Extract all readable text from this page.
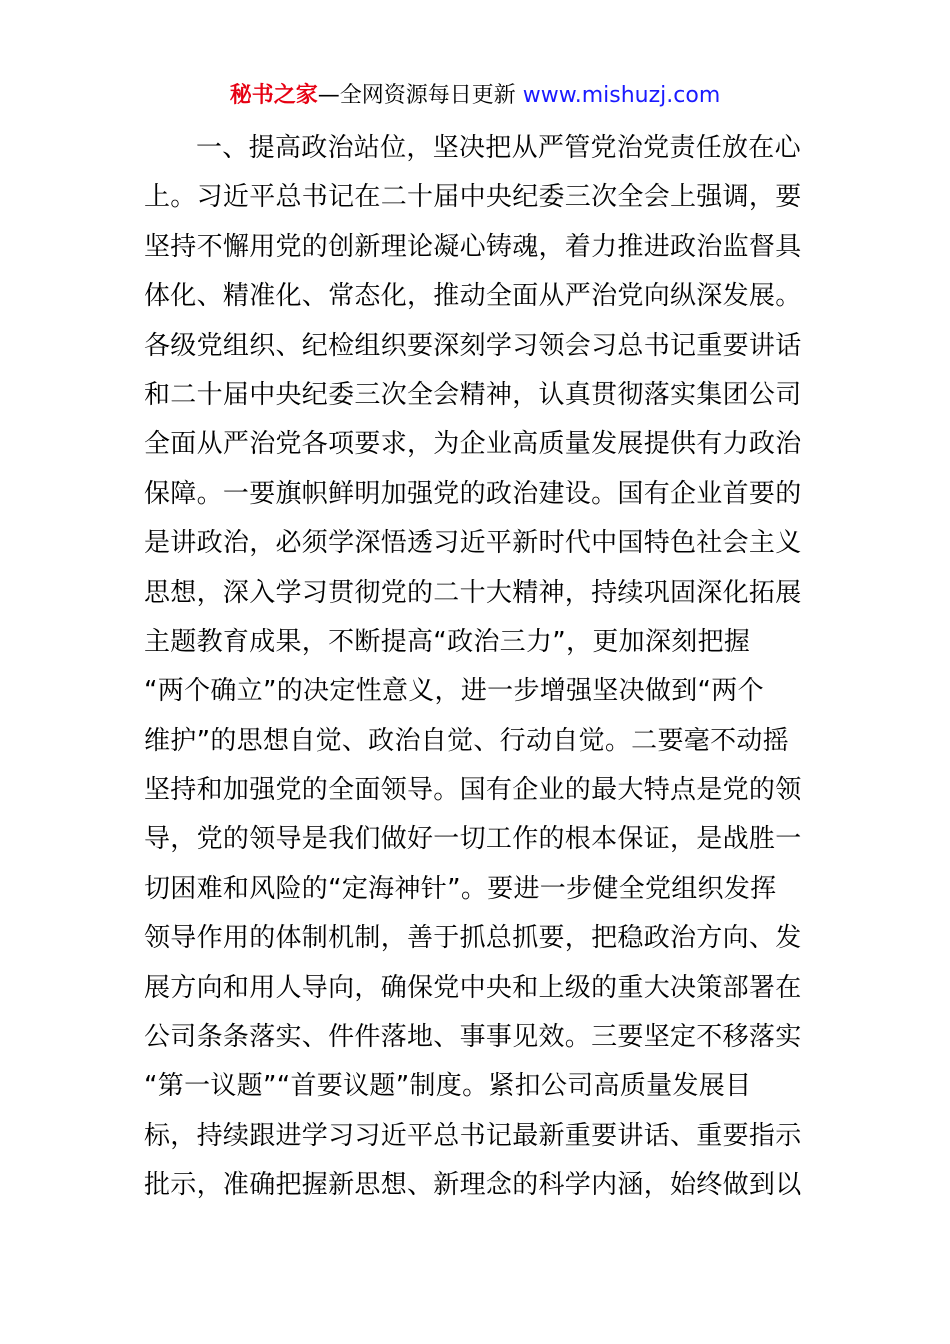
秘书之家—全网资源每日更新 www.mishuzj.com
一、提高政治站位，坚决把从严管党治党责任放在心
上。习近平总书记在二十届中央纪委三次全会上强调，要
坚持不懈用党的创新理论凝心铸魂，着力推进政治监督具
体化、精准化、常态化，推动全面从严治党向纵深发展。
各级党组织、纪检组织要深刻学习领会习总书记重要讲话
和二十届中央纪委三次全会精神，认真贯彻落实集团公司
全面从严治党各项要求，为企业高质量发展提供有力政治
保障。一要旗帜鲜明加强党的政治建设。国有企业首要的
是讲政治，必须学深悟透习近平新时代中国特色社会主义
思想，深入学习贯彻党的二十大精神，持续巩固深化拓展
主题教育成果，不断提高“政治三力”，更加深刻把握
“两个确立”的决定性意义，进一步增强坚决做到“两个
维护”的思想自觉、政治自觉、行动自觉。二要毫不动摇
坚持和加强党的全面领导。国有企业的最大特点是党的领
导，党的领导是我们做好一切工作的根本保证，是战胜一
切困难和风险的“定海神针”。要进一步健全党组织发挥
领导作用的体制机制，善于抓总抓要，把稳政治方向、发
展方向和用人导向，确保党中央和上级的重大决策部署在
公司条条落实、件件落地、事事见效。三要坚定不移落实
“第一议题”“首要议题”制度。紧扣公司高质量发展目
标，持续跟进学习习近平总书记最新重要讲话、重要指示
批示，准确把握新思想、新理念的科学内涵，始终做到以
